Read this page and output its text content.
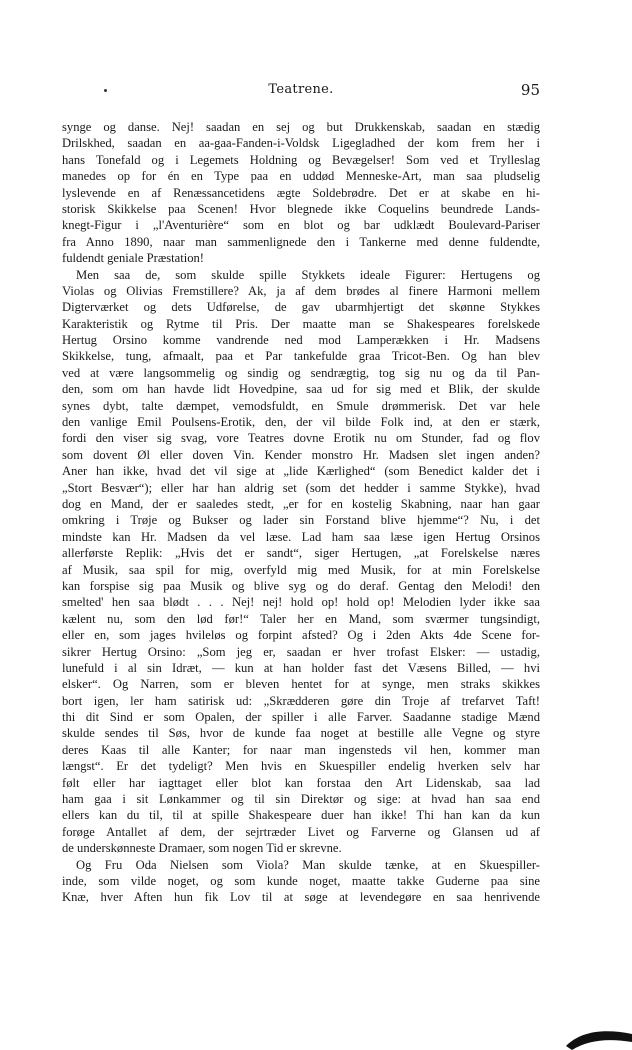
Teatrene.	95
synge og danse. Nej! saadan en sej og but Drukkenskab, saadan en stædig
Drilskhed, saadan en aa-gaa-Fanden-i-Voldsk Ligegladhed der kom frem her i
hans Tonefald og i Legemets Holdning og Bevægelser! Som ved et Trylleslag
manedes op for én en Type paa en uddød Menneske-Art, man saa pludselig
lyslevende en af Renæssancetidens ægte Soldebrødre. Det er at skabe en hi-
storisk Skikkelse paa Scenen! Hvor blegnede ikke Coquelins beundrede Lands-
knegt-Figur i „l'Aventurière“ som en blot og bar udklædt Boulevard-Pariser
fra Anno 1890, naar man sammenlignede den i Tankerne med denne fuldendte,
fuldendt geniale Præstation!
Men saa de, som skulde spille Stykkets ideale Figurer: Hertugens og
Violas og Olivias Fremstillere? Ak, ja af dem brødes al finere Harmoni mellem
Digterværket og dets Udførelse, de gav ubarmhjertigt det skønne Stykkes
Karakteristik og Rytme til Pris. Der maatte man se Shakespeares forelskede
Hertug Orsino komme vandrende ned mod Lamperækken i Hr. Madsens
Skikkelse, tung, afmaalt, paa et Par tankefulde graa Tricot-Ben. Og han blev
ved at være langsommelig og sindig og sendrægtig, tog sig nu og da til Pan-
den, som om han havde lidt Hovedpine, saa ud for sig med et Blik, der skulde
synes dybt, talte dæmpet, vemodsfuldt, en Smule drømmerisk. Det var hele
den vanlige Emil Poulsens-Erotik, den, der vil bilde Folk ind, at den er stærk,
fordi den viser sig svag, vore Teatres dovne Erotik nu om Stunder, fad og flov
som dovent Øl eller doven Vin. Kender monstro Hr. Madsen slet ingen anden?
Aner han ikke, hvad det vil sige at „lide Kærlighed“ (som Benedict kalder det i
„Stort Besvær“); eller har han aldrig set (som det hedder i samme Stykke), hvad
dog en Mand, der er saaledes stedt, „er for en kostelig Skabning, naar han gaar
omkring i Trøje og Bukser og lader sin Forstand blive hjemme“? Nu, i det
mindste kan Hr. Madsen da vel læse. Lad ham saa læse igen Hertug Orsinos
allerførste Replik: „Hvis det er sandt“, siger Hertugen, „at Forelskelse næres
af Musik, saa spil for mig, overfyld mig med Musik, for at min Forelskelse
kan forspise sig paa Musik og blive syg og do deraf. Gentag den Melodi! den
smelted' hen saa blødt . . . Nej! nej! hold op! hold op! Melodien lyder ikke saa
kælent nu, som den lød før!“ Taler her en Mand, som sværmer tungsindigt,
eller en, som jages hvileløs og forpint afsted? Og i 2den Akts 4de Scene for-
sikrer Hertug Orsino: „Som jeg er, saadan er hver trofast Elsker: — ustadig,
lunefuld i al sin Idræt, — kun at han holder fast det Væsens Billed, — hvi
elsker“. Og Narren, som er bleven hentet for at synge, men straks skikkes
bort igen, ler ham satirisk ud: „Skrædderen gøre din Troje af trefarvet Taft!
thi dit Sind er som Opalen, der spiller i alle Farver. Saadanne stadige Mænd
skulde sendes til Søs, hvor de kunde faa noget at bestille alle Vegne og styre
deres Kaas til alle Kanter; for naar man ingensteds vil hen, kommer man
længst“. Er det tydeligt? Men hvis en Skuespiller endelig hverken selv har
følt eller har iagttaget eller blot kan forstaa den Art Lidenskab, saa lad
ham gaa i sit Lønkammer og til sin Direktør og sige: at hvad han saa end
ellers kan du til, til at spille Shakespeare duer han ikke! Thi han kan da kun
forøge Antallet af dem, der sejrtræder Livet og Farverne og Glansen ud af
de underskønneste Dramaer, som nogen Tid er skrevne.
Og Fru Oda Nielsen som Viola? Man skulde tænke, at en Skuespiller-
inde, som vilde noget, og som kunde noget, maatte takke Guderne paa sine
Knæ, hver Aften hun fik Lov til at søge at levendegøre en saa henrivende
